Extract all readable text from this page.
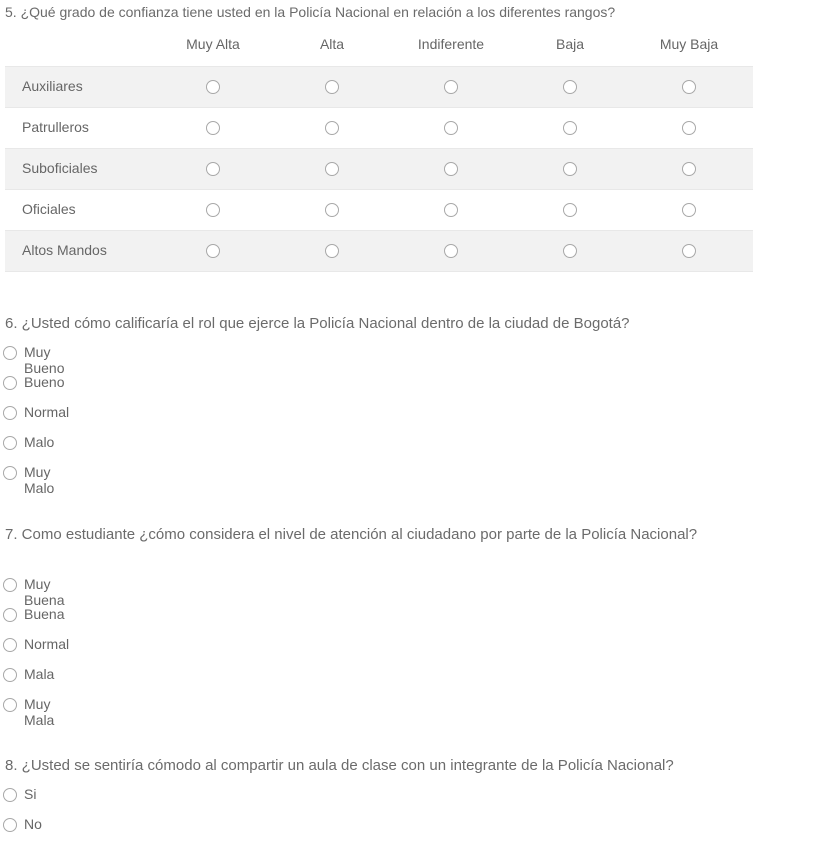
5. ¿Qué grado de confianza tiene usted en la Policía Nacional en relación a los diferentes rangos?
Muy Alta	Alta	Indiferente	Baja	Muy Baja
Auxiliares
Patrulleros
Suboficiales
Oficiales
Altos Mandos
6. ¿Usted cómo calificaría el rol que ejerce la Policía Nacional dentro de la ciudad de Bogotá?
Muy Bueno
Bueno
Normal
Malo
Muy Malo
7. Como estudiante ¿cómo considera el nivel de atención al ciudadano por parte de la Policía Nacional?
Muy Buena
Buena
Normal
Mala
Muy Mala
8. ¿Usted se sentiría cómodo al compartir un aula de clase con un integrante de la Policía Nacional?
Si
No
